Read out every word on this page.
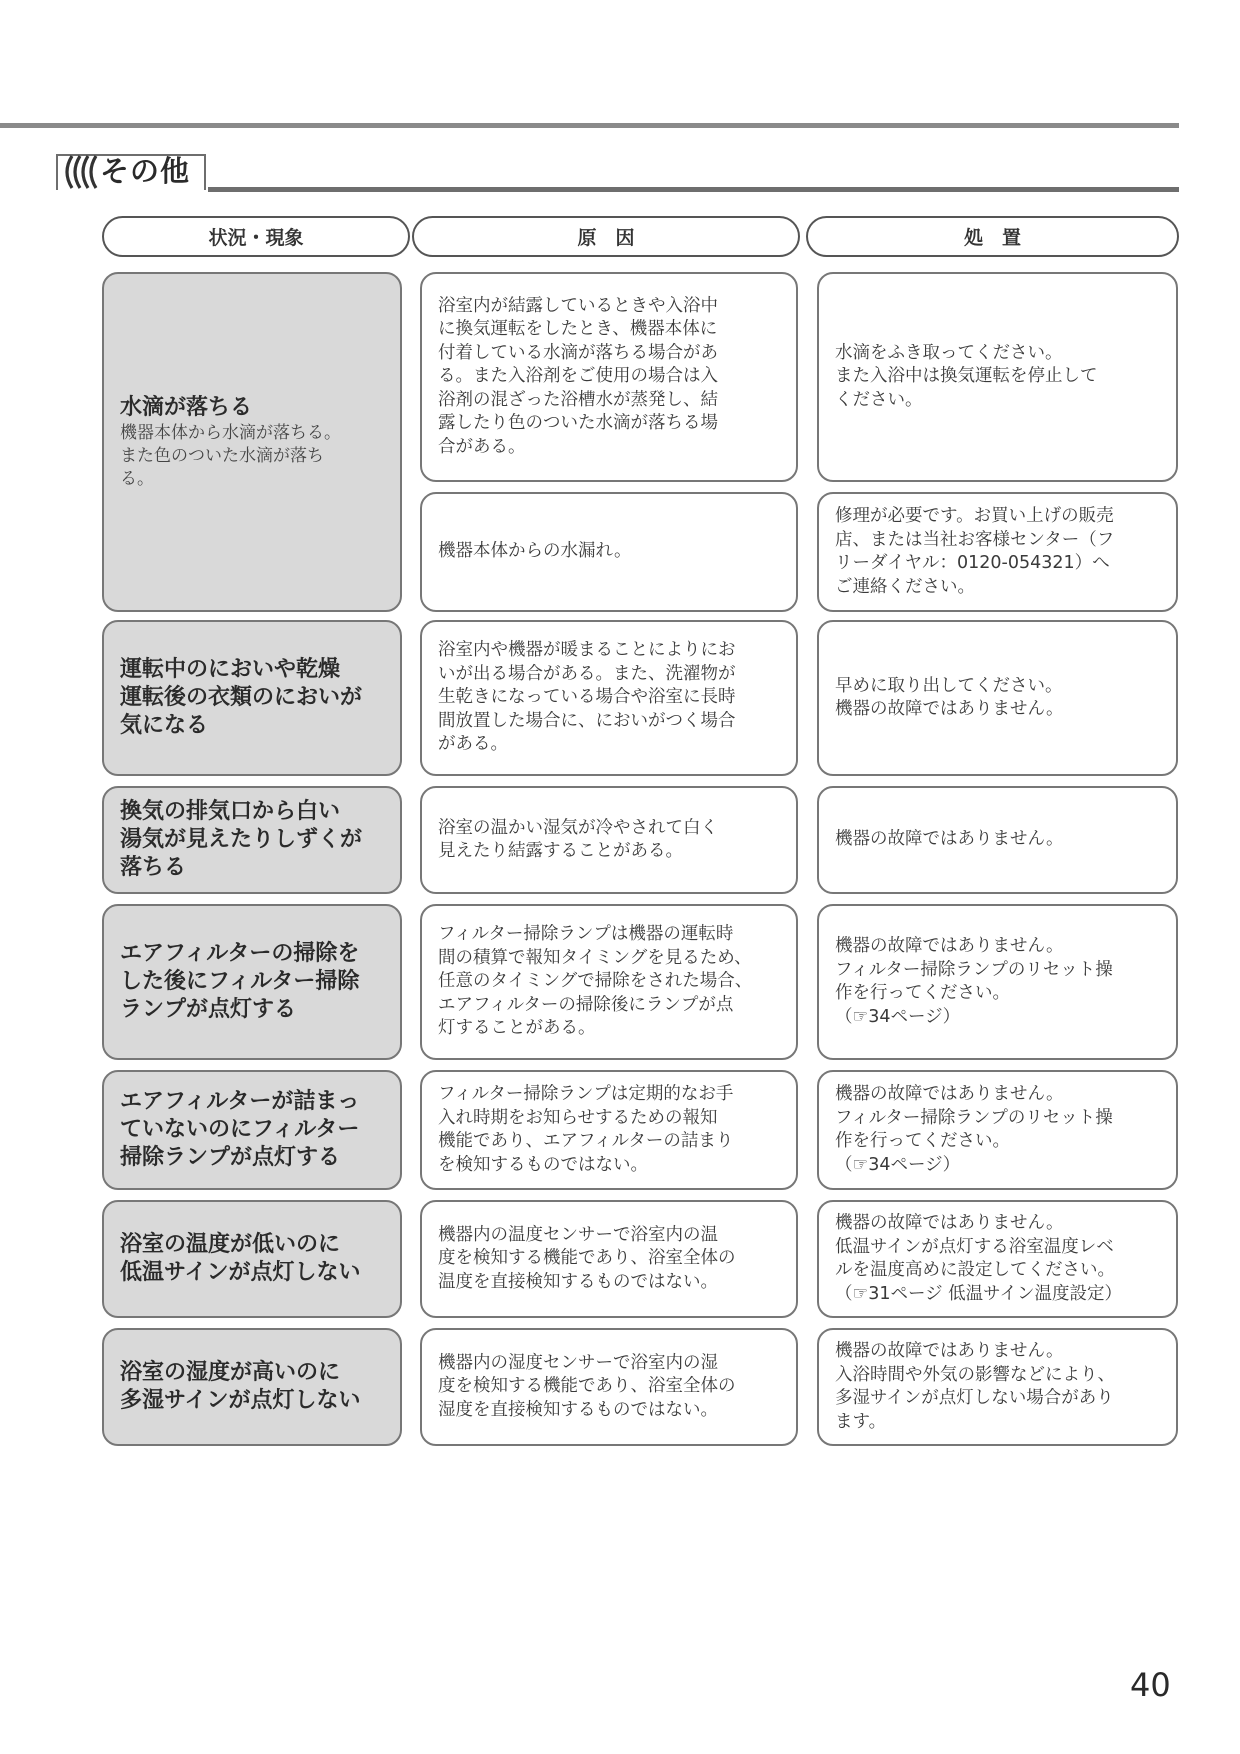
その他
状況・現象	原　因	処　置
水滴が落ちる
機器本体から水滴が落ちる。
また色のついた水滴が落ち
る。
浴室内が結露しているときや入浴中
に換気運転をしたとき、機器本体に
付着している水滴が落ちる場合があ
る。また入浴剤をご使用の場合は入
浴剤の混ざった浴槽水が蒸発し、結
露したり色のついた水滴が落ちる場
合がある。
水滴をふき取ってください。
また入浴中は換気運転を停止して
ください。
機器本体からの水漏れ。
修理が必要です。お買い上げの販売
店、または当社お客様センター（フ
リーダイヤル：0120-054321）へ
ご連絡ください。
運転中のにおいや乾燥
運転後の衣類のにおいが
気になる
浴室内や機器が暖まることによりにお
いが出る場合がある。また、洗濯物が
生乾きになっている場合や浴室に長時
間放置した場合に、においがつく場合
がある。
早めに取り出してください。
機器の故障ではありません。
換気の排気口から白い
湯気が見えたりしずくが
落ちる
浴室の温かい湿気が冷やされて白く
見えたり結露することがある。
機器の故障ではありません。
エアフィルターの掃除を
した後にフィルター掃除
ランプが点灯する
フィルター掃除ランプは機器の運転時
間の積算で報知タイミングを見るため、
任意のタイミングで掃除をされた場合、
エアフィルターの掃除後にランプが点
灯することがある。
機器の故障ではありません。
フィルター掃除ランプのリセット操
作を行ってください。
（☞34ページ）
エアフィルターが詰まっ
ていないのにフィルター
掃除ランプが点灯する
フィルター掃除ランプは定期的なお手
入れ時期をお知らせするための報知
機能であり、エアフィルターの詰まり
を検知するものではない。
機器の故障ではありません。
フィルター掃除ランプのリセット操
作を行ってください。
（☞34ページ）
浴室の温度が低いのに
低温サインが点灯しない
機器内の温度センサーで浴室内の温
度を検知する機能であり、浴室全体の
温度を直接検知するものではない。
機器の故障ではありません。
低温サインが点灯する浴室温度レベ
ルを温度高めに設定してください。
（☞31ページ 低温サイン温度設定）
浴室の湿度が高いのに
多湿サインが点灯しない
機器内の湿度センサーで浴室内の湿
度を検知する機能であり、浴室全体の
湿度を直接検知するものではない。
機器の故障ではありません。
入浴時間や外気の影響などにより、
多湿サインが点灯しない場合があり
ます。
40
